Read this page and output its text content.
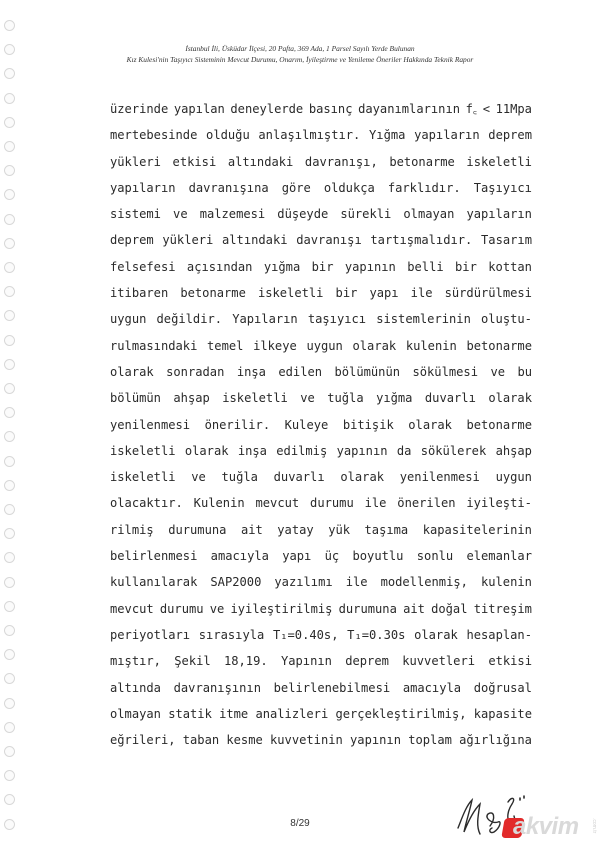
İstanbul İli, Üsküdar İlçesi, 20 Pafta, 369 Ada, 1 Parsel Sayılı Yerde Bulunan
Kız Kulesi'nin Taşıyıcı Sisteminin Mevcut Durumu, Onarım, İyileştirme ve Yenileme Öneriler Hakkında Teknik Rapor
üzerinde yapılan deneylerde basınç dayanımlarının f꜀ < 11Mpa
mertebesinde olduğu anlaşılmıştır. Yığma yapıların deprem
yükleri etkisi altındaki davranışı, betonarme iskeletli
yapıların davranışına göre oldukça farklıdır. Taşıyıcı
sistemi ve malzemesi düşeyde sürekli olmayan yapıların
deprem yükleri altındaki davranışı tartışmalıdır. Tasarım
felsefesi açısından yığma bir yapının belli bir kottan
itibaren betonarme iskeletli bir yapı ile sürdürülmesi
uygun değildir. Yapıların taşıyıcı sistemlerinin oluştu-
rulmasındaki temel ilkeye uygun olarak kulenin betonarme
olarak sonradan inşa edilen bölümünün sökülmesi ve bu
bölümün ahşap iskeletli ve tuğla yığma duvarlı olarak
yenilenmesi önerilir. Kuleye bitişik olarak betonarme
iskeletli olarak inşa edilmiş yapının da sökülerek ahşap
iskeletli ve tuğla duvarlı olarak yenilenmesi uygun
olacaktır. Kulenin mevcut durumu ile önerilen iyileşti-
rilmiş durumuna ait yatay yük taşıma kapasitelerinin
belirlenmesi amacıyla yapı üç boyutlu sonlu elemanlar
kullanılarak SAP2000 yazılımı ile modellenmiş, kulenin
mevcut durumu ve iyileştirilmiş durumuna ait doğal titreşim
periyotları sırasıyla T₁=0.40s, T₁=0.30s olarak hesaplan-
mıştır, Şekil 18,19. Yapının deprem kuvvetleri etkisi
altında davranışının belirlenebilmesi amacıyla doğrusal
olmayan statik itme analizleri gerçekleştirilmiş, kapasite
eğrileri, taban kesme kuvvetinin yapının toplam ağırlığına
8/29	akvim	.com.tr
